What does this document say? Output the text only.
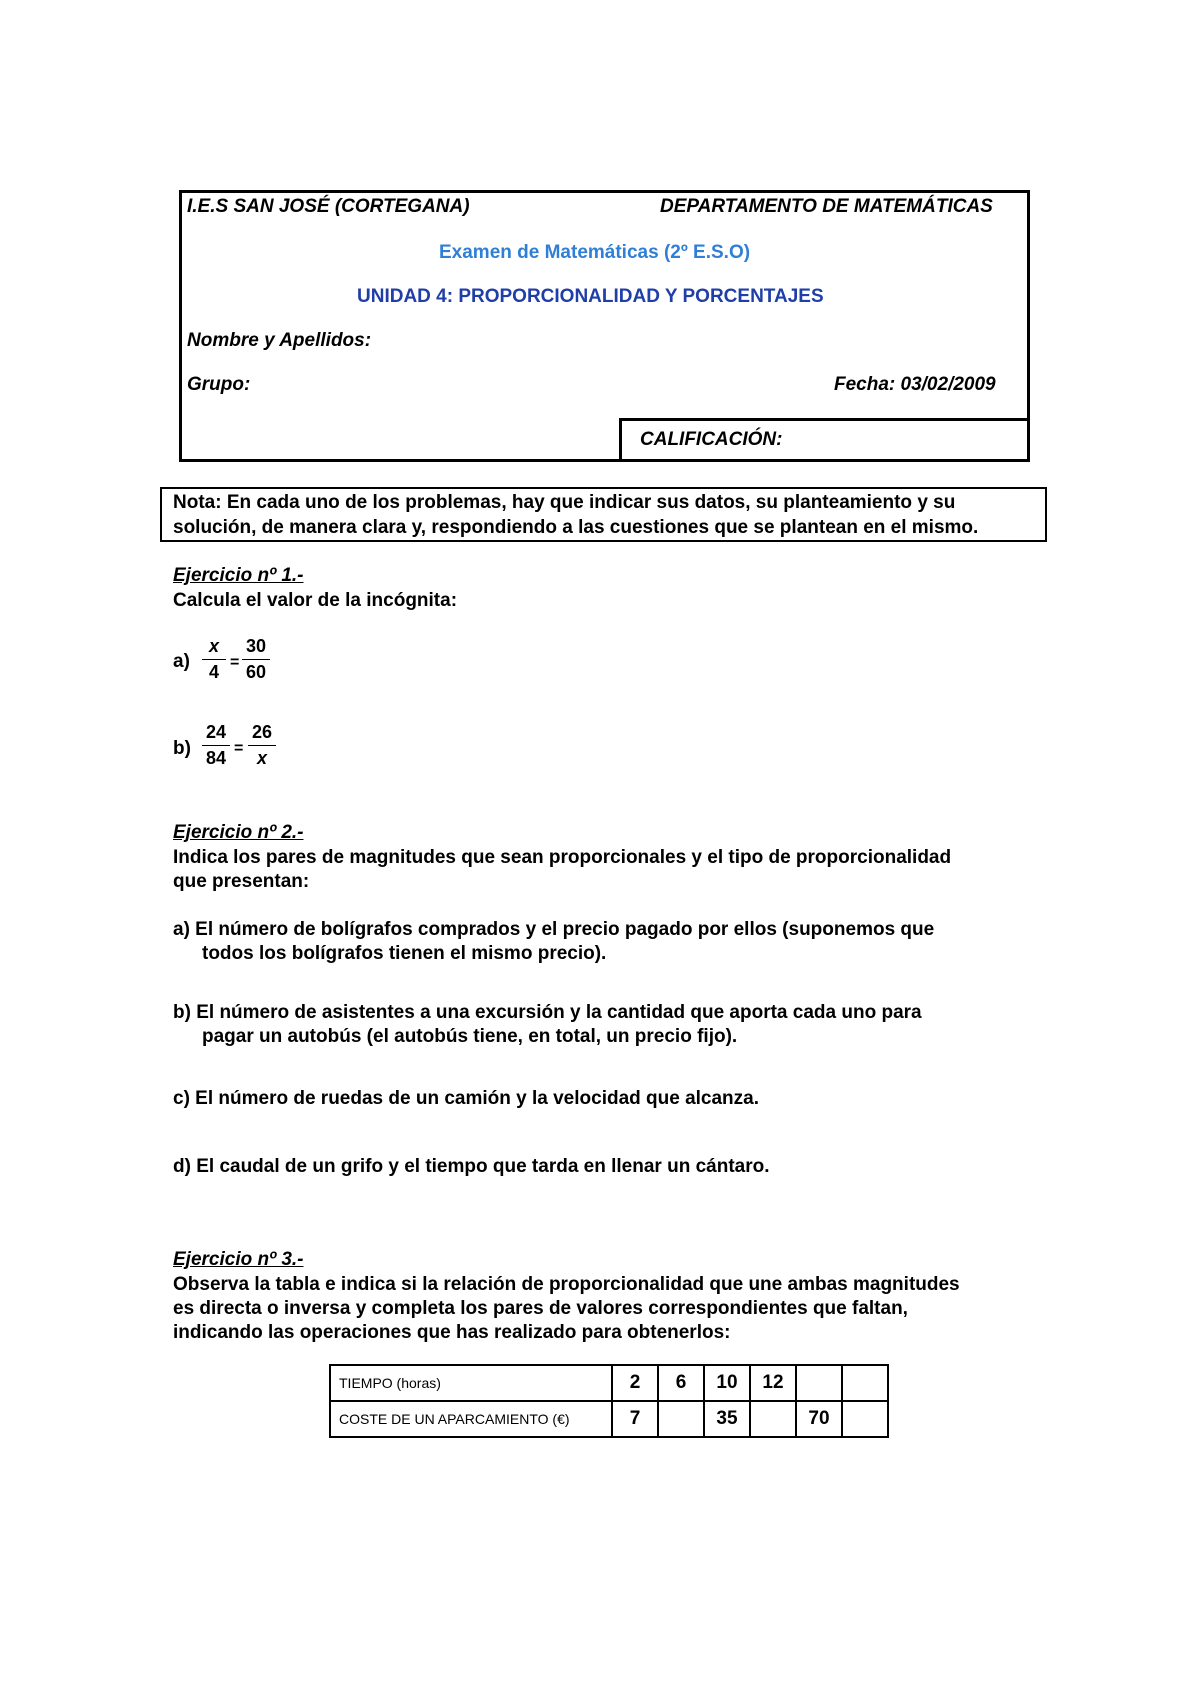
I.E.S SAN JOSÉ (CORTEGANA)	DEPARTAMENTO DE MATEMÁTICAS
Examen de Matemáticas (2º E.S.O)
UNIDAD 4: PROPORCIONALIDAD Y PORCENTAJES
Nombre y Apellidos:
Grupo:	Fecha: 03/02/2009
CALIFICACIÓN:
Nota: En cada uno de los problemas, hay que indicar sus datos, su planteamiento y su
solución, de manera clara y, respondiendo a las cuestiones que se plantean en el mismo.
Ejercicio nº 1.-
Calcula el valor de la incógnita:
a)
x
4 =
30
60
b)
24
84 =
26
x
Ejercicio nº 2.-
Indica los pares de magnitudes que sean proporcionales y el tipo de proporcionalidad
que presentan:
a) El número de bolígrafos comprados y el precio pagado por ellos (suponemos que
todos los bolígrafos tienen el mismo precio).
b) El número de asistentes a una excursión y la cantidad que aporta cada uno para
pagar un autobús (el autobús tiene, en total, un precio fijo).
c) El número de ruedas de un camión y la velocidad que alcanza.
d) El caudal de un grifo y el tiempo que tarda en llenar un cántaro.
Ejercicio nº 3.-
Observa la tabla e indica si la relación de proporcionalidad que une ambas magnitudes
es directa o inversa y completa los pares de valores correspondientes que faltan,
indicando las operaciones que has realizado para obtenerlos:
TIEMPO (horas)	2	6	10	12		
COSTE DE UN APARCAMIENTO (€)	7		35		70	
